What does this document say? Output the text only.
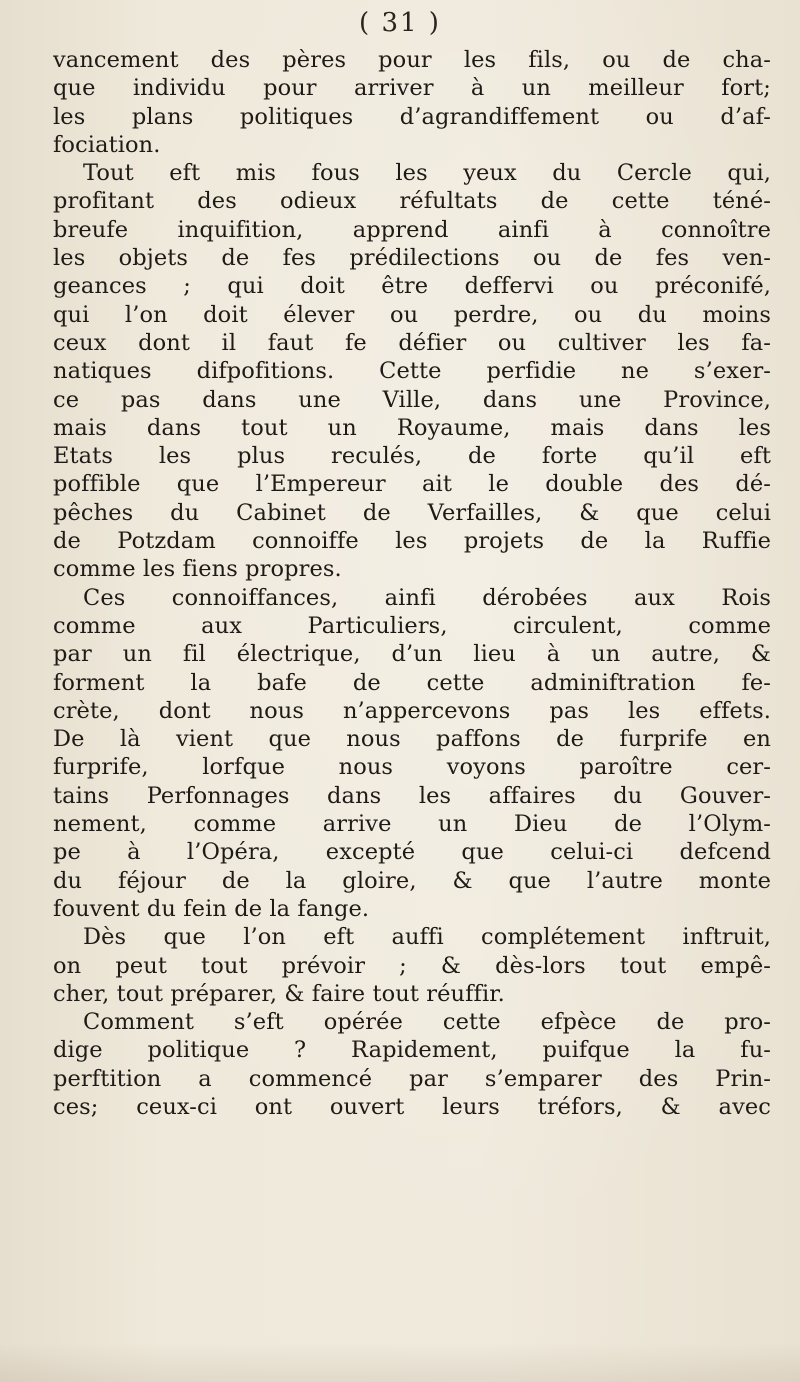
( 31 )
vancement des pères pour les fils, ou de cha-
que individu pour arriver à un meilleur fort;
les plans politiques d’agrandiffement ou d’af-
fociation.
Tout eft mis fous les yeux du Cercle qui,
profitant des odieux réfultats de cette téné-
breufe inquifition, apprend ainfi à connoître
les objets de fes prédilections ou de fes ven-
geances ; qui doit être deffervi ou préconifé,
qui l’on doit élever ou perdre, ou du moins
ceux dont il faut fe défier ou cultiver les fa-
natiques difpofitions. Cette perfidie ne s’exer-
ce pas dans une Ville, dans une Province,
mais dans tout un Royaume, mais dans les
Etats les plus reculés, de forte qu’il eft
poffible que l’Empereur ait le double des dé-
pêches du Cabinet de Verfailles, & que celui
de Potzdam connoiffe les projets de la Ruffie
comme les fiens propres.
Ces connoiffances, ainfi dérobées aux Rois
comme aux Particuliers, circulent, comme
par un fil électrique, d’un lieu à un autre, &
forment la bafe de cette adminiftration fe-
crète, dont nous n’appercevons pas les effets.
De là vient que nous paffons de furprife en
furprife, lorfque nous voyons paroître cer-
tains Perfonnages dans les affaires du Gouver-
nement, comme arrive un Dieu de l’Olym-
pe à l’Opéra, excepté que celui-ci defcend
du féjour de la gloire, & que l’autre monte
fouvent du fein de la fange.
Dès que l’on eft auffi complétement inftruit,
on peut tout prévoir ; & dès-lors tout empê-
cher, tout préparer, & faire tout réuffir.
Comment s’eft opérée cette efpèce de pro-
dige politique ? Rapidement, puifque la fu-
perftition a commencé par s’emparer des Prin-
ces; ceux-ci ont ouvert leurs tréfors, & avec
